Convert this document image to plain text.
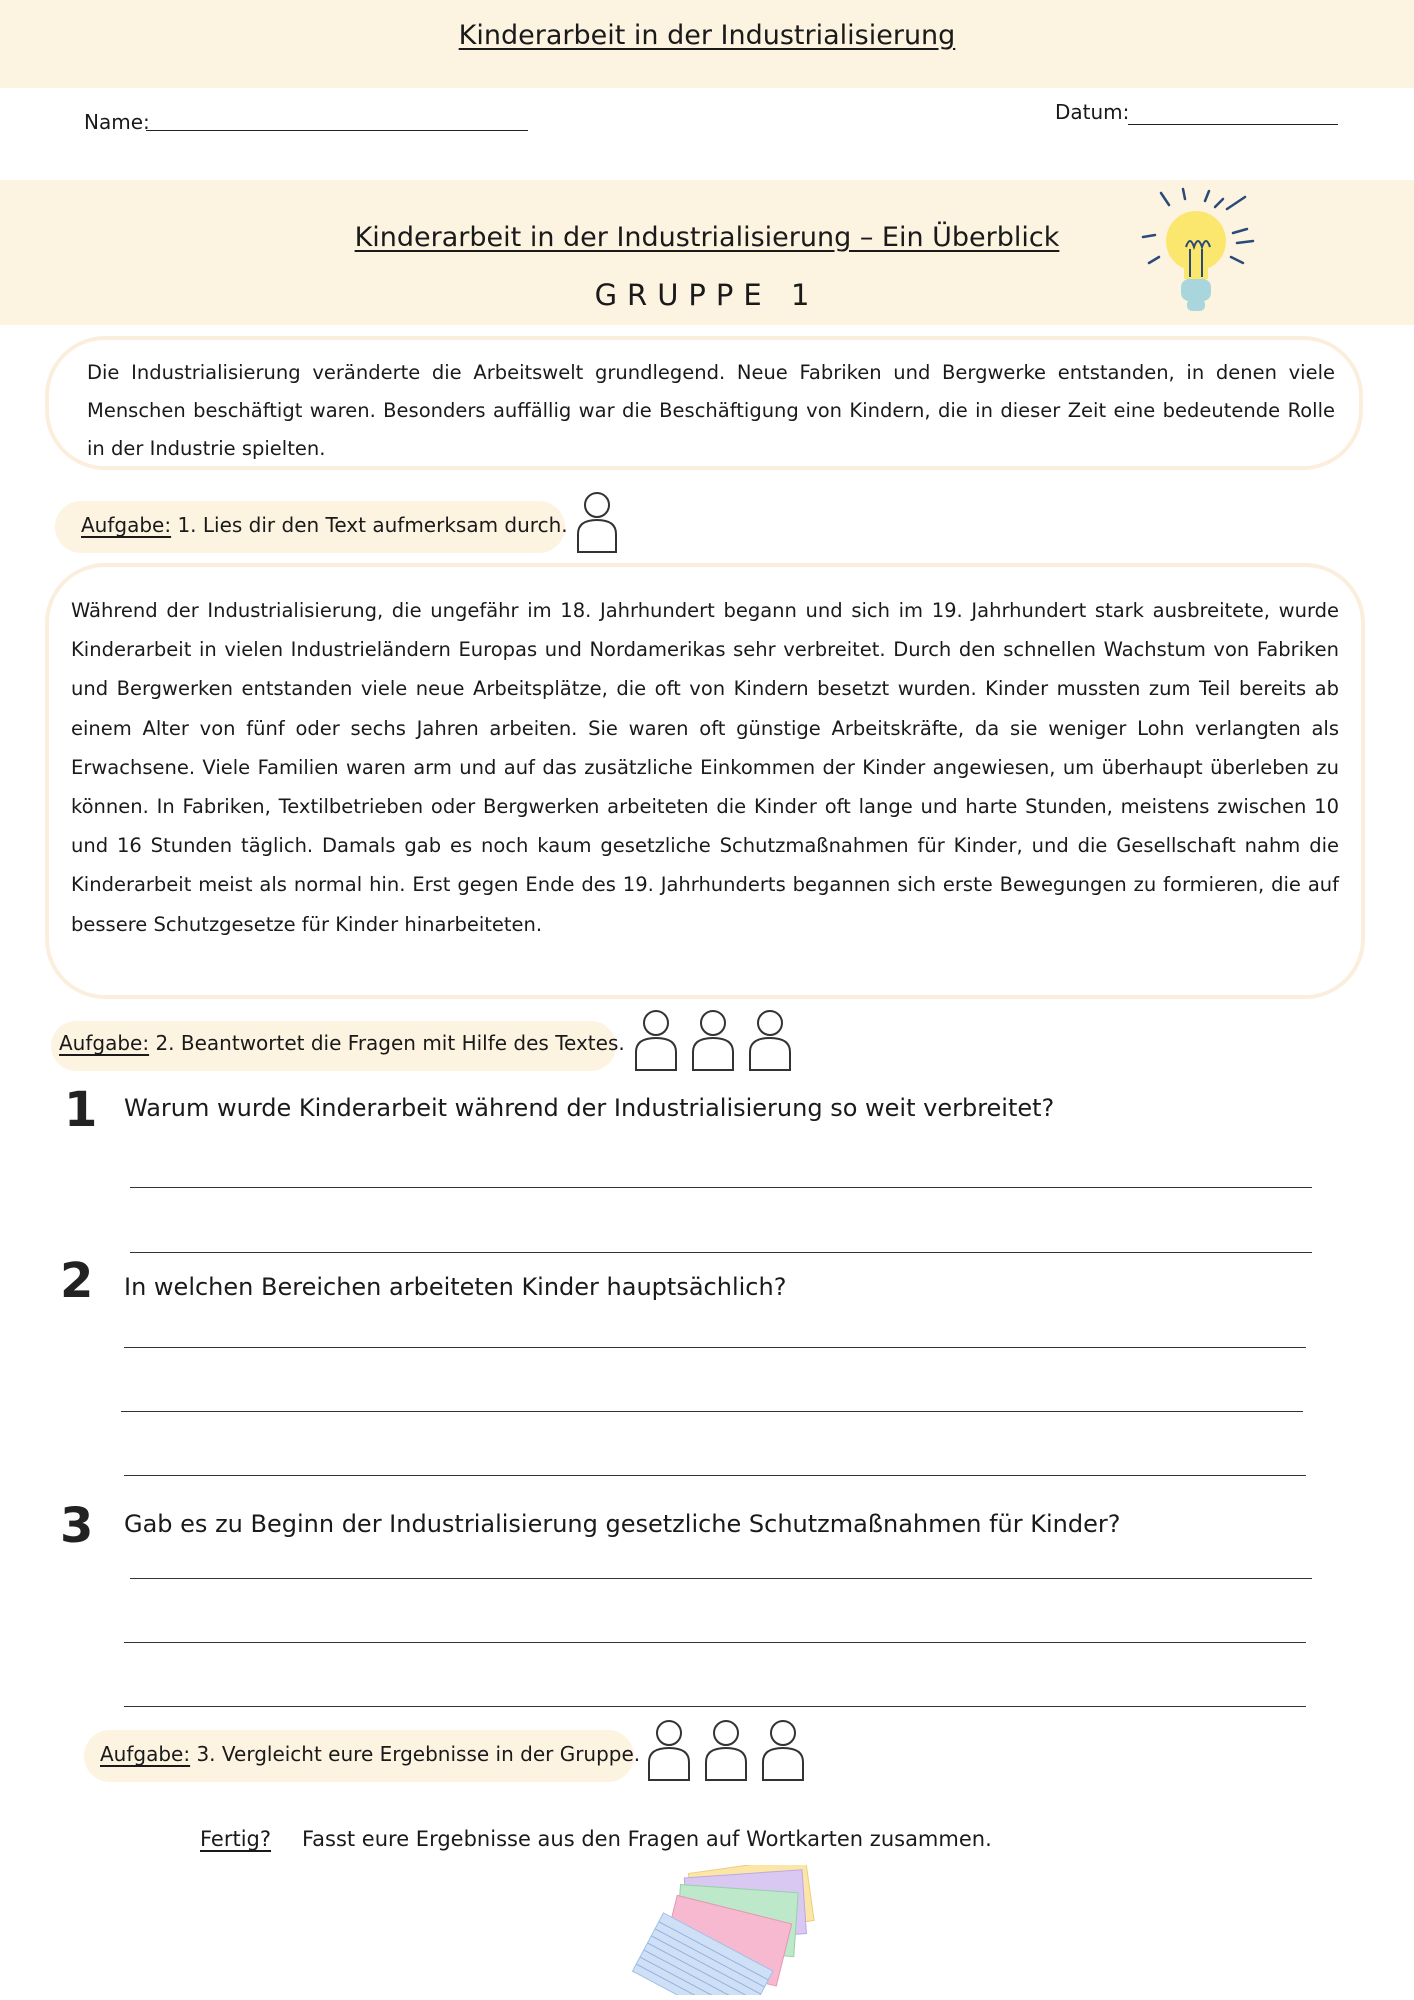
Kinderarbeit in der Industrialisierung
Name:	Datum:
Kinderarbeit in der Industrialisierung – Ein Überblick
GRUPPE 1

Die Industrialisierung veränderte die Arbeitswelt grundlegend. Neue Fabriken und Bergwerke entstanden, in denen viele Menschen beschäftigt waren. Besonders auffällig war die Beschäftigung von Kindern, die in dieser Zeit eine bedeutende Rolle in der Industrie spielten.

Aufgabe: 1. Lies dir den Text aufmerksam durch.

Während der Industrialisierung, die ungefähr im 18. Jahrhundert begann und sich im 19. Jahrhundert stark ausbreitete, wurde Kinderarbeit in vielen Industrieländern Europas und Nordamerikas sehr verbreitet. Durch den schnellen Wachstum von Fabriken und Bergwerken entstanden viele neue Arbeitsplätze, die oft von Kindern besetzt wurden. Kinder mussten zum Teil bereits ab einem Alter von fünf oder sechs Jahren arbeiten. Sie waren oft günstige Arbeitskräfte, da sie weniger Lohn verlangten als Erwachsene. Viele Familien waren arm und auf das zusätzliche Einkommen der Kinder angewiesen, um überhaupt überleben zu können. In Fabriken, Textilbetrieben oder Bergwerken arbeiteten die Kinder oft lange und harte Stunden, meistens zwischen 10 und 16 Stunden täglich. Damals gab es noch kaum gesetzliche Schutzmaßnahmen für Kinder, und die Gesellschaft nahm die Kinderarbeit meist als normal hin. Erst gegen Ende des 19. Jahrhunderts begannen sich erste Bewegungen zu formieren, die auf bessere Schutzgesetze für Kinder hinarbeiteten.

Aufgabe: 2. Beantwortet die Fragen mit Hilfe des Textes.
1 Warum wurde Kinderarbeit während der Industrialisierung so weit verbreitet?
2 In welchen Bereichen arbeiteten Kinder hauptsächlich?
3 Gab es zu Beginn der Industrialisierung gesetzliche Schutzmaßnahmen für Kinder?
Aufgabe: 3. Vergleicht eure Ergebnisse in der Gruppe.
Fertig? Fasst eure Ergebnisse aus den Fragen auf Wortkarten zusammen.
